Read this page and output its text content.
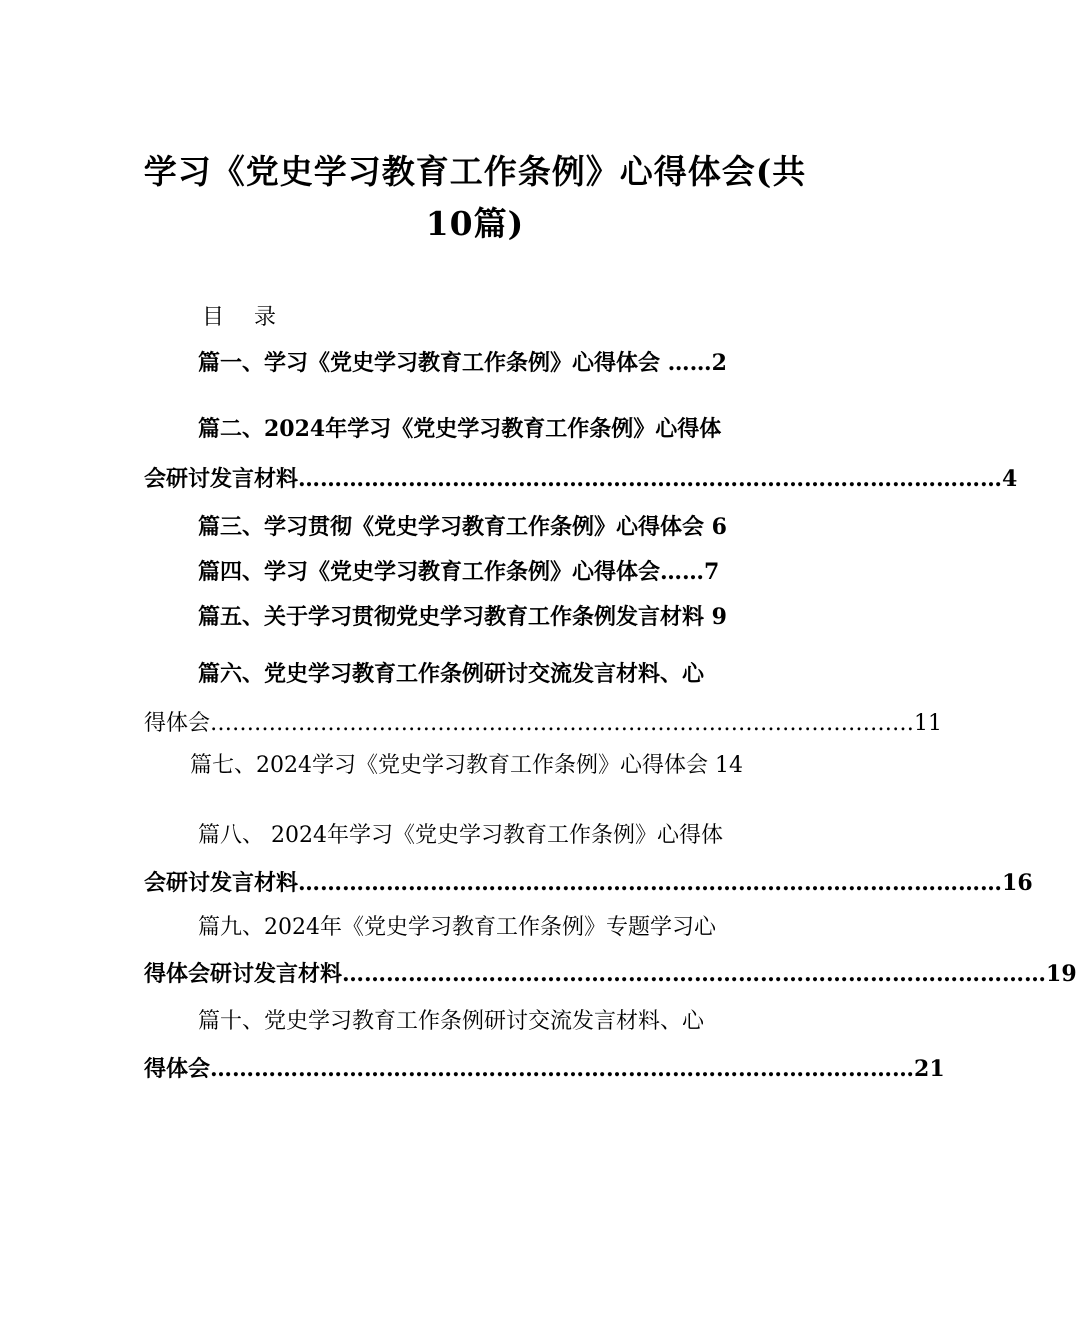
学习《党史学习教育工作条例》心得体会(共
10篇)
目 录
篇一、学习《党史学习教育工作条例》心得体会 ……2
篇二、2024年学习《党史学习教育工作条例》心得体
会研讨发言材料 …………………………………………………………………………………… 4
篇三、学习贯彻《党史学习教育工作条例》心得体会 6
篇四、学习《党史学习教育工作条例》心得体会……7
篇五、关于学习贯彻党史学习教育工作条例发言材料 9
篇六、党史学习教育工作条例研讨交流发言材料、心
得体会 …………………………………………………………………………………… 11
篇七、2024学习《党史学习教育工作条例》心得体会 14
篇八、 2024年学习《党史学习教育工作条例》心得体
会研讨发言材料 …………………………………………………………………………………… 16
篇九、2024年《党史学习教育工作条例》专题学习心
得体会研讨发言材料 …………………………………………………………………………………… 19
篇十、党史学习教育工作条例研讨交流发言材料、心
得体会 …………………………………………………………………………………… 21
